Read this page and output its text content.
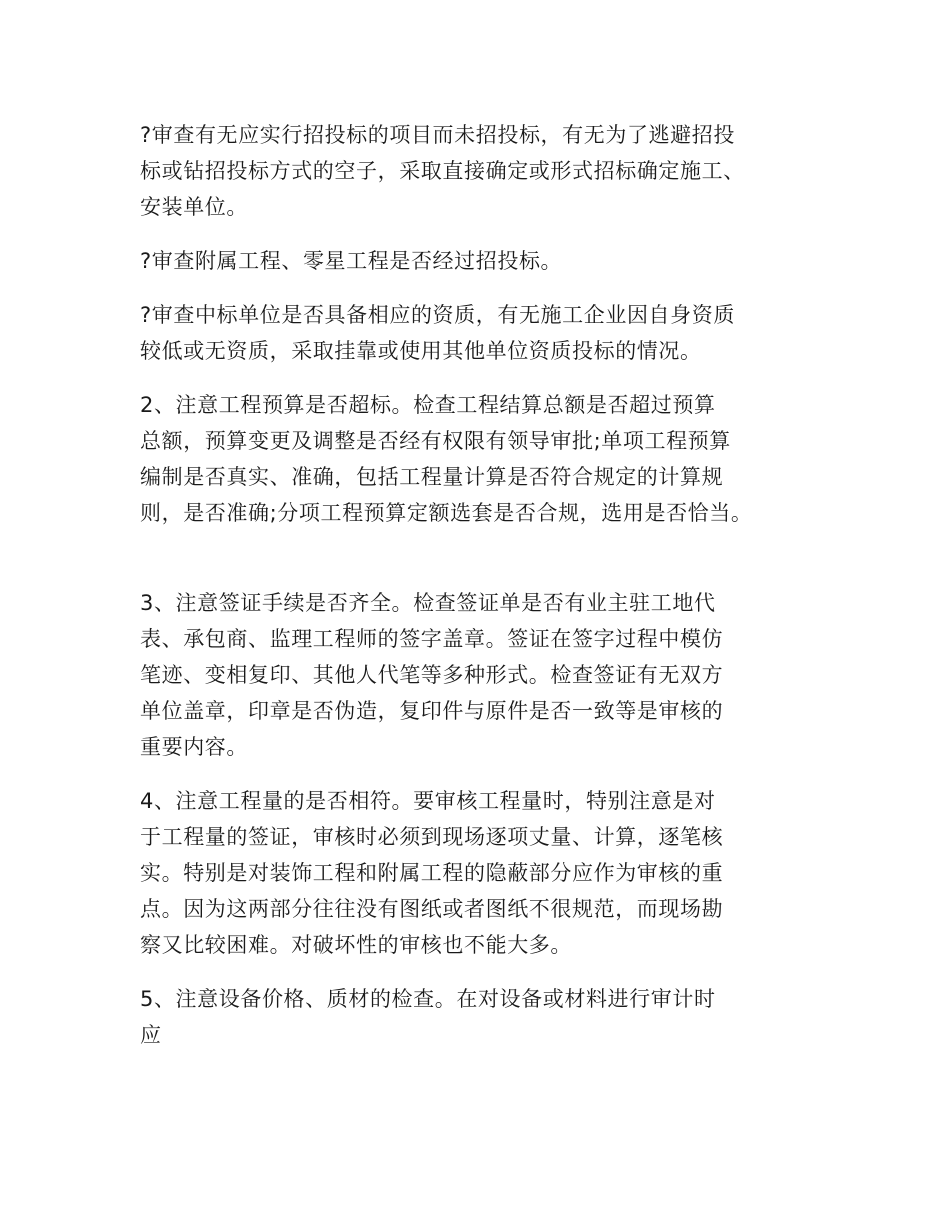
?审查有无应实行招投标的项目而未招投标，有无为了逃避招投
标或钻招投标方式的空子，采取直接确定或形式招标确定施工、
安装单位。
?审查附属工程、零星工程是否经过招投标。
?审查中标单位是否具备相应的资质，有无施工企业因自身资质
较低或无资质，采取挂靠或使用其他单位资质投标的情况。
2、注意工程预算是否超标。检查工程结算总额是否超过预算
总额，预算变更及调整是否经有权限有领导审批;单项工程预算
编制是否真实、准确，包括工程量计算是否符合规定的计算规
则，是否准确;分项工程预算定额选套是否合规，选用是否恰当。
3、注意签证手续是否齐全。检查签证单是否有业主驻工地代
表、承包商、监理工程师的签字盖章。签证在签字过程中模仿
笔迹、变相复印、其他人代笔等多种形式。检查签证有无双方
单位盖章，印章是否伪造，复印件与原件是否一致等是审核的
重要内容。
4、注意工程量的是否相符。要审核工程量时，特别注意是对
于工程量的签证，审核时必须到现场逐项丈量、计算，逐笔核
实。特别是对装饰工程和附属工程的隐蔽部分应作为审核的重
点。因为这两部分往往没有图纸或者图纸不很规范，而现场勘
察又比较困难。对破坏性的审核也不能大多。
5、注意设备价格、质材的检查。在对设备或材料进行审计时
应
